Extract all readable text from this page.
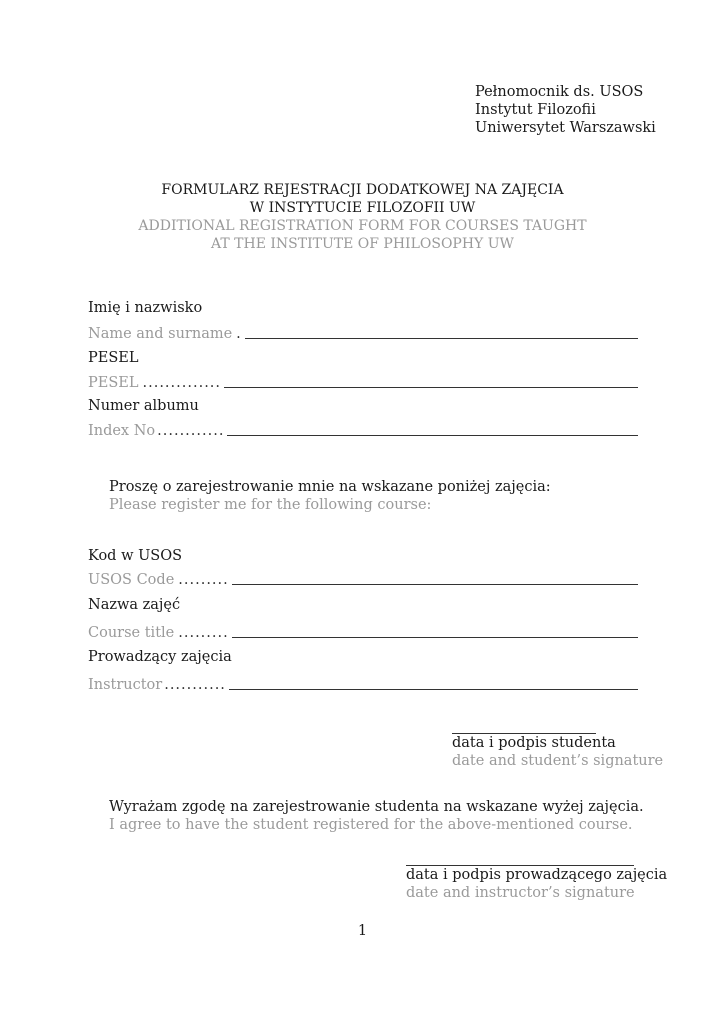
Pełnomocnik ds. USOS
Instytut Filozofii
Uniwersytet Warszawski
FORMULARZ REJESTRACJI DODATKOWEJ NA ZAJĘCIA
W INSTYTUCIE FILOZOFII UW
ADDITIONAL REGISTRATION FORM FOR COURSES TAUGHT
AT THE INSTITUTE OF PHILOSOPHY UW
Imię i nazwisko
Name and surname .
PESEL
PESEL ..............
Numer albumu
Index No ............
Proszę o zarejestrowanie mnie na wskazane poniżej zajęcia:
Please register me for the following course:
Kod w USOS
USOS Code .........
Nazwa zajęć
Course title .........
Prowadzący zajęcia
Instructor ...........
data i podpis studenta
date and student’s signature
Wyrażam zgodę na zarejestrowanie studenta na wskazane wyżej zajęcia.
I agree to have the student registered for the above-mentioned course.
data i podpis prowadzącego zajęcia
date and instructor’s signature
1
